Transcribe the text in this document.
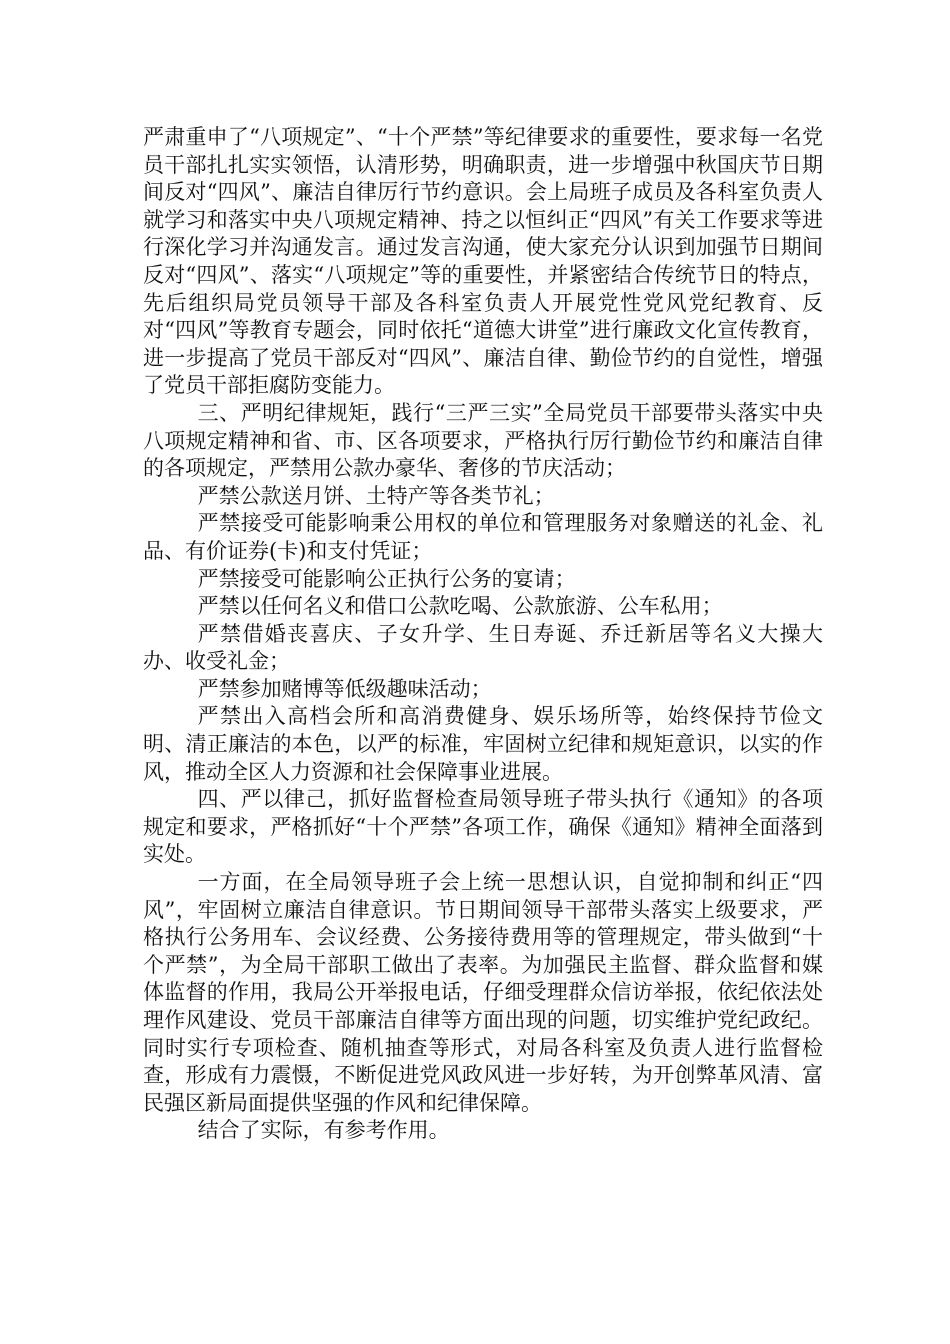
严肃重申了“八项规定”、“十个严禁”等纪律要求的重要性，要求每一名党员干部扎扎实实领悟，认清形势，明确职责，进一步增强中秋国庆节日期间反对“四风”、廉洁自律厉行节约意识。会上局班子成员及各科室负责人就学习和落实中央八项规定精神、持之以恒纠正“四风”有关工作要求等进行深化学习并沟通发言。通过发言沟通，使大家充分认识到加强节日期间反对“四风”、落实“八项规定”等的重要性，并紧密结合传统节日的特点，先后组织局党员领导干部及各科室负责人开展党性党风党纪教育、反对“四风”等教育专题会，同时依托“道德大讲堂”进行廉政文化宣传教育，进一步提高了党员干部反对“四风”、廉洁自律、勤俭节约的自觉性，增强了党员干部拒腐防变能力。

三、严明纪律规矩，践行“三严三实”全局党员干部要带头落实中央八项规定精神和省、市、区各项要求，严格执行厉行勤俭节约和廉洁自律的各项规定，严禁用公款办豪华、奢侈的节庆活动；

严禁公款送月饼、土特产等各类节礼；

严禁接受可能影响秉公用权的单位和管理服务对象赠送的礼金、礼品、有价证券(卡)和支付凭证；

严禁接受可能影响公正执行公务的宴请；

严禁以任何名义和借口公款吃喝、公款旅游、公车私用；

严禁借婚丧喜庆、子女升学、生日寿诞、乔迁新居等名义大操大办、收受礼金；

严禁参加赌博等低级趣味活动；

严禁出入高档会所和高消费健身、娱乐场所等，始终保持节俭文明、清正廉洁的本色，以严的标准，牢固树立纪律和规矩意识，以实的作风，推动全区人力资源和社会保障事业进展。

四、严以律己，抓好监督检查局领导班子带头执行《通知》的各项规定和要求，严格抓好“十个严禁”各项工作，确保《通知》精神全面落到实处。

一方面，在全局领导班子会上统一思想认识，自觉抑制和纠正“四风”，牢固树立廉洁自律意识。节日期间领导干部带头落实上级要求，严格执行公务用车、会议经费、公务接待费用等的管理规定，带头做到“十个严禁”，为全局干部职工做出了表率。为加强民主监督、群众监督和媒体监督的作用，我局公开举报电话，仔细受理群众信访举报，依纪依法处理作风建设、党员干部廉洁自律等方面出现的问题，切实维护党纪政纪。同时实行专项检查、随机抽查等形式，对局各科室及负责人进行监督检查，形成有力震慑，不断促进党风政风进一步好转，为开创弊革风清、富民强区新局面提供坚强的作风和纪律保障。

结合了实际，有参考作用。
